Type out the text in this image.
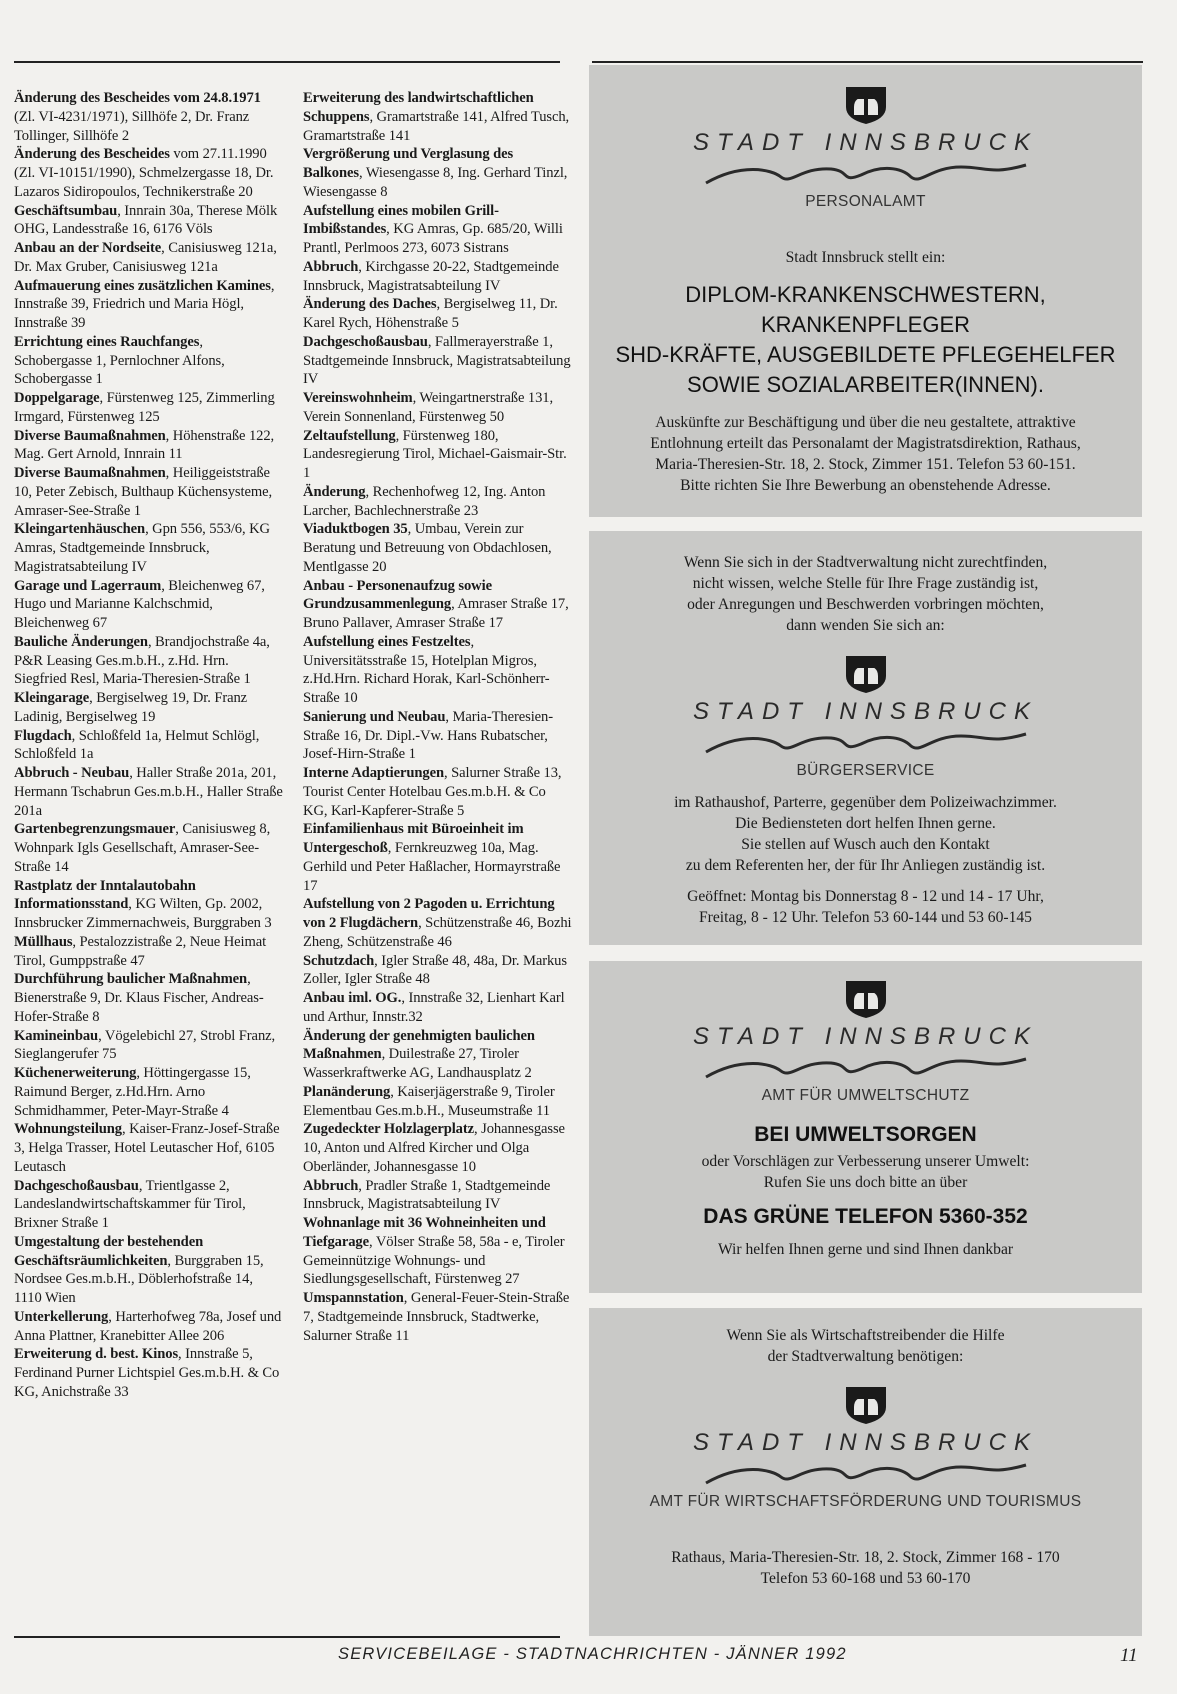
Änderung des Bescheides vom 24.8.1971 (Zl. VI-4231/1971), Sillhöfe 2, Dr. Franz Tollinger, Sillhöfe 2
Änderung des Bescheides vom 27.11.1990 (Zl. VI-10151/1990), Schmelzergasse 18, Dr. Lazaros Sidiropoulos, Technikerstraße 20
Geschäftsumbau, Innrain 30a, Therese Mölk OHG, Landesstraße 16, 6176 Völs
Anbau an der Nordseite, Canisiusweg 121a, Dr. Max Gruber, Canisiusweg 121a
Aufmauerung eines zusätzlichen Kamines, Innstraße 39, Friedrich und Maria Högl, Innstraße 39
Errichtung eines Rauchfanges, Schobergasse 1, Pernlochner Alfons, Schobergasse 1
Doppelgarage, Fürstenweg 125, Zimmerling Irmgard, Fürstenweg 125
Diverse Baumaßnahmen, Höhenstraße 122, Mag. Gert Arnold, Innrain 11
Diverse Baumaßnahmen, Heiliggeiststraße 10, Peter Zebisch, Bulthaup Küchensysteme, Amraser-See-Straße 1
Kleingartenhäuschen, Gpn 556, 553/6, KG Amras, Stadtgemeinde Innsbruck, Magistratsabteilung IV
Garage und Lagerraum, Bleichenweg 67, Hugo und Marianne Kalchschmid, Bleichenweg 67
Bauliche Änderungen, Brandjochstraße 4a, P&R Leasing Ges.m.b.H., z.Hd. Hrn. Siegfried Resl, Maria-Theresien-Straße 1
Kleingarage, Bergiselweg 19, Dr. Franz Ladinig, Bergiselweg 19
Flugdach, Schloßfeld 1a, Helmut Schlögl, Schloßfeld 1a
Abbruch - Neubau, Haller Straße 201a, 201, Hermann Tschabrun Ges.m.b.H., Haller Straße 201a
Gartenbegrenzungsmauer, Canisiusweg 8, Wohnpark Igls Gesellschaft, Amraser-See-Straße 14
Rastplatz der Inntalautobahn Informationsstand, KG Wilten, Gp. 2002, Innsbrucker Zimmernachweis, Burggraben 3
Müllhaus, Pestalozzistraße 2, Neue Heimat Tirol, Gumppstraße 47
Durchführung baulicher Maßnahmen, Bienerstraße 9, Dr. Klaus Fischer, Andreas-Hofer-Straße 8
Kamineinbau, Vögelebichl 27, Strobl Franz, Sieglangerufer 75
Küchenerweiterung, Höttingergasse 15, Raimund Berger, z.Hd.Hrn. Arno Schmidhammer, Peter-Mayr-Straße 4
Wohnungsteilung, Kaiser-Franz-Josef-Straße 3, Helga Trasser, Hotel Leutascher Hof, 6105 Leutasch
Dachgeschoßausbau, Trientlgasse 2, Landeslandwirtschaftskammer für Tirol, Brixner Straße 1
Umgestaltung der bestehenden Geschäftsräumlichkeiten, Burggraben 15, Nordsee Ges.m.b.H., Döblerhofstraße 14, 1110 Wien
Unterkellerung, Harterhofweg 78a, Josef und Anna Plattner, Kranebitter Allee 206
Erweiterung d. best. Kinos, Innstraße 5, Ferdinand Purner Lichtspiel Ges.m.b.H. & Co KG, Anichstraße 33
Erweiterung des landwirtschaftlichen Schuppens, Gramartstraße 141, Alfred Tusch, Gramartstraße 141
Vergrößerung und Verglasung des Balkones, Wiesengasse 8, Ing. Gerhard Tinzl, Wiesengasse 8
Aufstellung eines mobilen Grill-Imbißstandes, KG Amras, Gp. 685/20, Willi Prantl, Perlmoos 273, 6073 Sistrans
Abbruch, Kirchgasse 20-22, Stadtgemeinde Innsbruck, Magistratsabteilung IV
Änderung des Daches, Bergiselweg 11, Dr. Karel Rych, Höhenstraße 5
Dachgeschoßausbau, Fallmerayerstraße 1, Stadtgemeinde Innsbruck, Magistratsabteilung IV
Vereinswohnheim, Weingartnerstraße 131, Verein Sonnenland, Fürstenweg 50
Zeltaufstellung, Fürstenweg 180, Landesregierung Tirol, Michael-Gaismair-Str. 1
Änderung, Rechenhofweg 12, Ing. Anton Larcher, Bachlechnerstraße 23
Viaduktbogen 35, Umbau, Verein zur Beratung und Betreuung von Obdachlosen, Mentlgasse 20
Anbau - Personenaufzug sowie Grundzusammenlegung, Amraser Straße 17, Bruno Pallaver, Amraser Straße 17
Aufstellung eines Festzeltes, Universitätsstraße 15, Hotelplan Migros, z.Hd.Hrn. Richard Horak, Karl-Schönherr-Straße 10
Sanierung und Neubau, Maria-Theresien-Straße 16, Dr. Dipl.-Vw. Hans Rubatscher, Josef-Hirn-Straße 1
Interne Adaptierungen, Salurner Straße 13, Tourist Center Hotelbau Ges.m.b.H. & Co KG, Karl-Kapferer-Straße 5
Einfamilienhaus mit Büroeinheit im Untergeschoß, Fernkreuzweg 10a, Mag. Gerhild und Peter Haßlacher, Hormayrstraße 17
Aufstellung von 2 Pagoden u. Errichtung von 2 Flugdächern, Schützenstraße 46, Bozhi Zheng, Schützenstraße 46
Schutzdach, Igler Straße 48, 48a, Dr. Markus Zoller, Igler Straße 48
Anbau iml. OG., Innstraße 32, Lienhart Karl und Arthur, Innstr.32
Änderung der genehmigten baulichen Maßnahmen, Duilestraße 27, Tiroler Wasserkraftwerke AG, Landhausplatz 2
Planänderung, Kaiserjägerstraße 9, Tiroler Elementbau Ges.m.b.H., Museumstraße 11
Zugedeckter Holzlagerplatz, Johannesgasse 10, Anton und Alfred Kircher und Olga Oberländer, Johannesgasse 10
Abbruch, Pradler Straße 1, Stadtgemeinde Innsbruck, Magistratsabteilung IV
Wohnanlage mit 36 Wohneinheiten und Tiefgarage, Völser Straße 58, 58a - e, Tiroler Gemeinnützige Wohnungs- und Siedlungsgesellschaft, Fürstenweg 27
Umspannstation, General-Feuer-Stein-Straße 7, Stadtgemeinde Innsbruck, Stadtwerke, Salurner Straße 11
STADT INNSBRUCK
PERSONALAMT
Stadt Innsbruck stellt ein:
DIPLOM-KRANKENSCHWESTERN,
KRANKENPFLEGER
SHD-KRÄFTE, AUSGEBILDETE PFLEGEHELFER
SOWIE SOZIALARBEITER(INNEN).
Auskünfte zur Beschäftigung und über die neu gestaltete, attraktive
Entlohnung erteilt das Personalamt der Magistratsdirektion, Rathaus,
Maria-Theresien-Str. 18, 2. Stock, Zimmer 151. Telefon 53 60-151.
Bitte richten Sie Ihre Bewerbung an obenstehende Adresse.
Wenn Sie sich in der Stadtverwaltung nicht zurechtfinden,
nicht wissen, welche Stelle für Ihre Frage zuständig ist,
oder Anregungen und Beschwerden vorbringen möchten,
dann wenden Sie sich an:
STADT INNSBRUCK
BÜRGERSERVICE
im Rathaushof, Parterre, gegenüber dem Polizeiwachzimmer.
Die Bediensteten dort helfen Ihnen gerne.
Sie stellen auf Wusch auch den Kontakt
zu dem Referenten her, der für Ihr Anliegen zuständig ist.
Geöffnet: Montag bis Donnerstag 8 - 12 und 14 - 17 Uhr,
Freitag, 8 - 12 Uhr. Telefon 53 60-144 und 53 60-145
STADT INNSBRUCK
AMT FÜR UMWELTSCHUTZ
BEI UMWELTSORGEN
oder Vorschlägen zur Verbesserung unserer Umwelt:
Rufen Sie uns doch bitte an über
DAS GRÜNE TELEFON 5360-352
Wir helfen Ihnen gerne und sind Ihnen dankbar
Wenn Sie als Wirtschaftstreibender die Hilfe
der Stadtverwaltung benötigen:
STADT INNSBRUCK
AMT FÜR WIRTSCHAFTSFÖRDERUNG UND TOURISMUS
Rathaus, Maria-Theresien-Str. 18, 2. Stock, Zimmer 168 - 170
Telefon 53 60-168 und 53 60-170
SERVICEBEILAGE - STADTNACHRICHTEN - JÄNNER 1992	11
